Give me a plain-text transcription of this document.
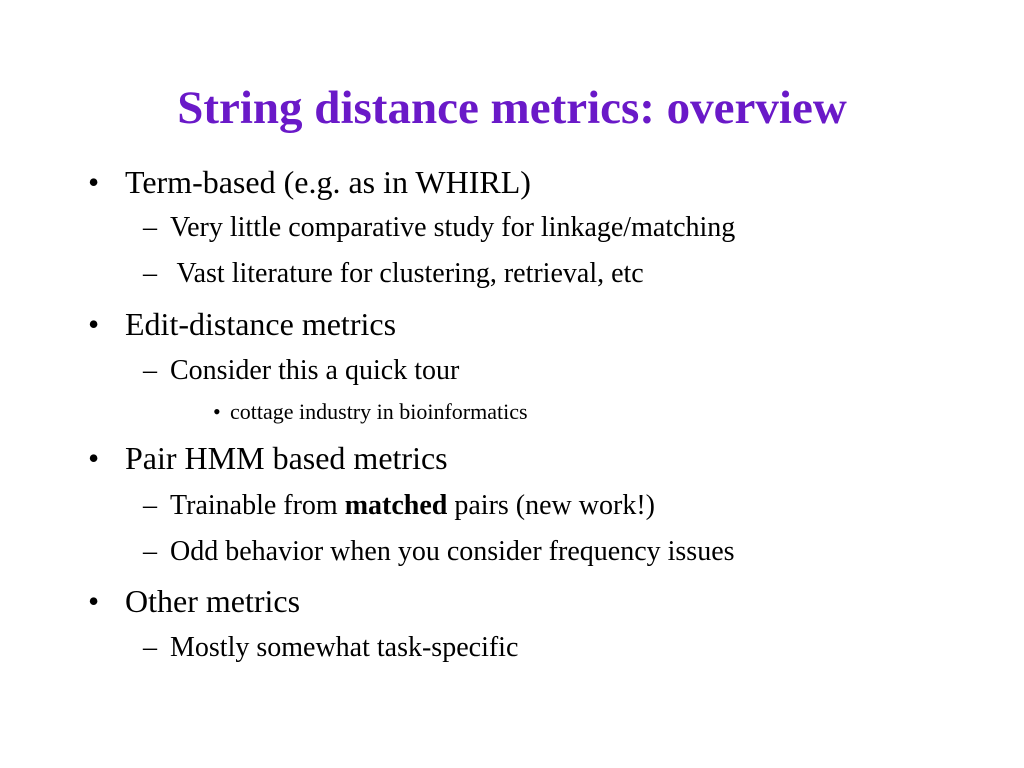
String distance metrics: overview
• Term-based (e.g. as in WHIRL)
– Very little comparative study for linkage/matching
– Vast literature for clustering, retrieval, etc
• Edit-distance metrics
– Consider this a quick tour
• cottage industry in bioinformatics
• Pair HMM based metrics
– Trainable from matched pairs (new work!)
– Odd behavior when you consider frequency issues
• Other metrics
– Mostly somewhat task-specific
